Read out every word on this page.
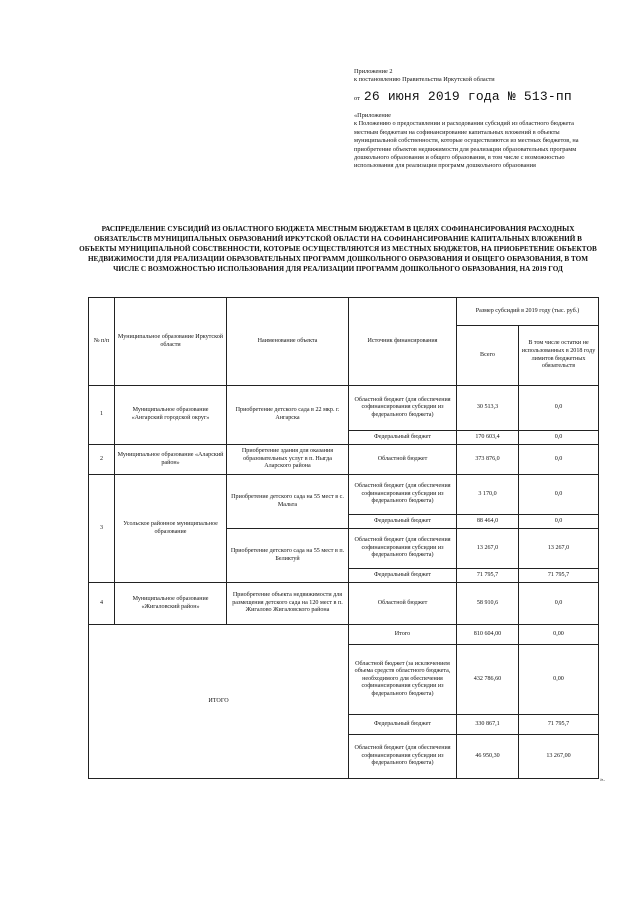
Приложение 2
к постановлению Правительства Иркутской области
от 26 июня 2019 года № 513-пп
«Приложение
к Положению о предоставлении и расходовании субсидий из областного бюджета местным бюджетам на софинансирование капитальных вложений в объекты муниципальной собственности, которые осуществляются из местных бюджетов, на приобретение объектов недвижимости для реализации образовательных программ дошкольного образования и общего образования, в том числе с возможностью использования для реализации программ дошкольного образования
РАСПРЕДЕЛЕНИЕ СУБСИДИЙ ИЗ ОБЛАСТНОГО БЮДЖЕТА МЕСТНЫМ БЮДЖЕТАМ В ЦЕЛЯХ СОФИНАНСИРОВАНИЯ РАСХОДНЫХ ОБЯЗАТЕЛЬСТВ МУНИЦИПАЛЬНЫХ ОБРАЗОВАНИЙ ИРКУТСКОЙ ОБЛАСТИ НА СОФИНАНСИРОВАНИЕ КАПИТАЛЬНЫХ ВЛОЖЕНИЙ В ОБЪЕКТЫ МУНИЦИПАЛЬНОЙ СОБСТВЕННОСТИ, КОТОРЫЕ ОСУЩЕСТВЛЯЮТСЯ ИЗ МЕСТНЫХ БЮДЖЕТОВ, НА ПРИОБРЕТЕНИЕ ОБЪЕКТОВ НЕДВИЖИМОСТИ ДЛЯ РЕАЛИЗАЦИИ ОБРАЗОВАТЕЛЬНЫХ ПРОГРАММ ДОШКОЛЬНОГО ОБРАЗОВАНИЯ И ОБЩЕГО ОБРАЗОВАНИЯ, В ТОМ ЧИСЛЕ С ВОЗМОЖНОСТЬЮ ИСПОЛЬЗОВАНИЯ ДЛЯ РЕАЛИЗАЦИИ ПРОГРАММ ДОШКОЛЬНОГО ОБРАЗОВАНИЯ, НА 2019 ГОД
№ п/п	Муниципальное образование Иркутской области	Наименование объекта	Источник финансирования	Размер субсидий в 2019 году (тыс. руб.)	
				Всего	В том числе остатки не использованных в 2018 году лимитов бюджетных обязательств
1	Муниципальное образование «Ангарский городской округ»	Приобретение детского сада в 22 мкр. г. Ангарска	Областной бюджет (для обеспечения софинансирования субсидии из федерального бюджета)	30 513,3	0,0
			Федеральный бюджет	170 603,4	0,0
2	Муниципальное образование «Аларский район»	Приобретение здания для оказания образовательных услуг в п. Ныгда Аларского района	Областной бюджет	373 876,0	0,0
3	Усольское районное муниципальное образование	Приобретение детского сада на 55 мест в с. Мальта	Областной бюджет (для обеспечения софинансирования субсидии из федерального бюджета)	3 170,0	0,0
			Федеральный бюджет	88 464,0	0,0
		Приобретение детского сада на 55 мест в п. Беликтуй	Областной бюджет (для обеспечения софинансирования субсидии из федерального бюджета)	13 267,0	13 267,0
			Федеральный бюджет	71 795,7	71 795,7
4	Муниципальное образование «Жигаловский район»	Приобретение объекта недвижимости для размещения детского сада на 120 мест в п. Жигалово Жигаловского района	Областной бюджет	58 910,6	0,0
ИТОГО			Итого	810 604,00	0,00
			Областной бюджет (за исключением объема средств областного бюджета, необходимого для обеспечения софинансирования субсидии из федерального бюджета)	432 786,60	0,00
			Федеральный бюджет	330 867,1	71 795,7
			Областной бюджет (для обеспечения софинансирования субсидии из федерального бюджета)	46 950,30	13 267,00
».
